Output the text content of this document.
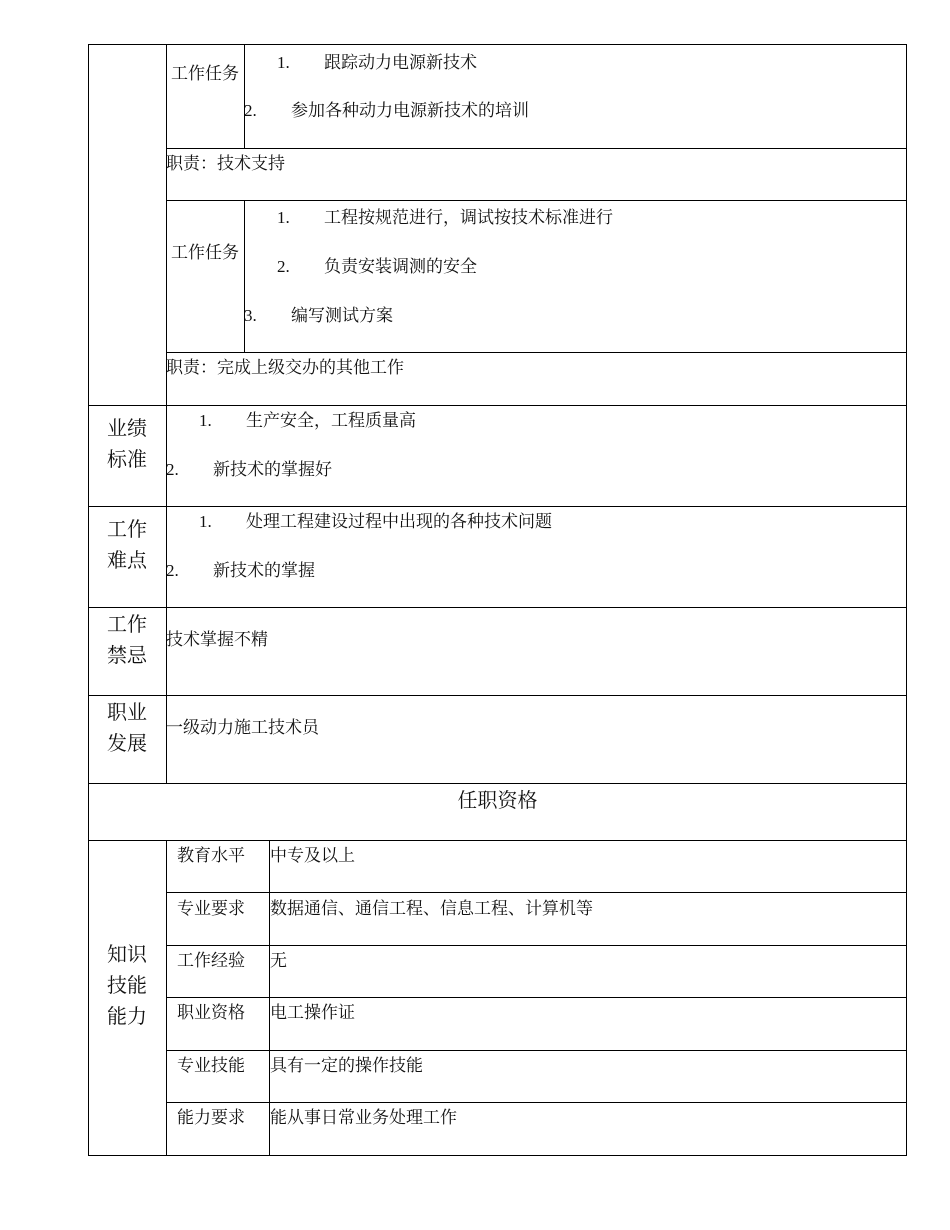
工作任务
1. 跟踪动力电源新技术
2. 参加各种动力电源新技术的培训
职责：技术支持
工作任务
1. 工程按规范进行，调试按技术标准进行
2. 负责安装调测的安全
3. 编写测试方案
职责：完成上级交办的其他工作
业绩标准
1. 生产安全，工程质量高
2. 新技术的掌握好
工作难点
1. 处理工程建设过程中出现的各种技术问题
2. 新技术的掌握
工作禁忌
技术掌握不精
职业发展
一级动力施工技术员
任职资格
知识技能能力
教育水平 中专及以上
专业要求 数据通信、通信工程、信息工程、计算机等
工作经验 无
职业资格 电工操作证
专业技能 具有一定的操作技能
能力要求 能从事日常业务处理工作
